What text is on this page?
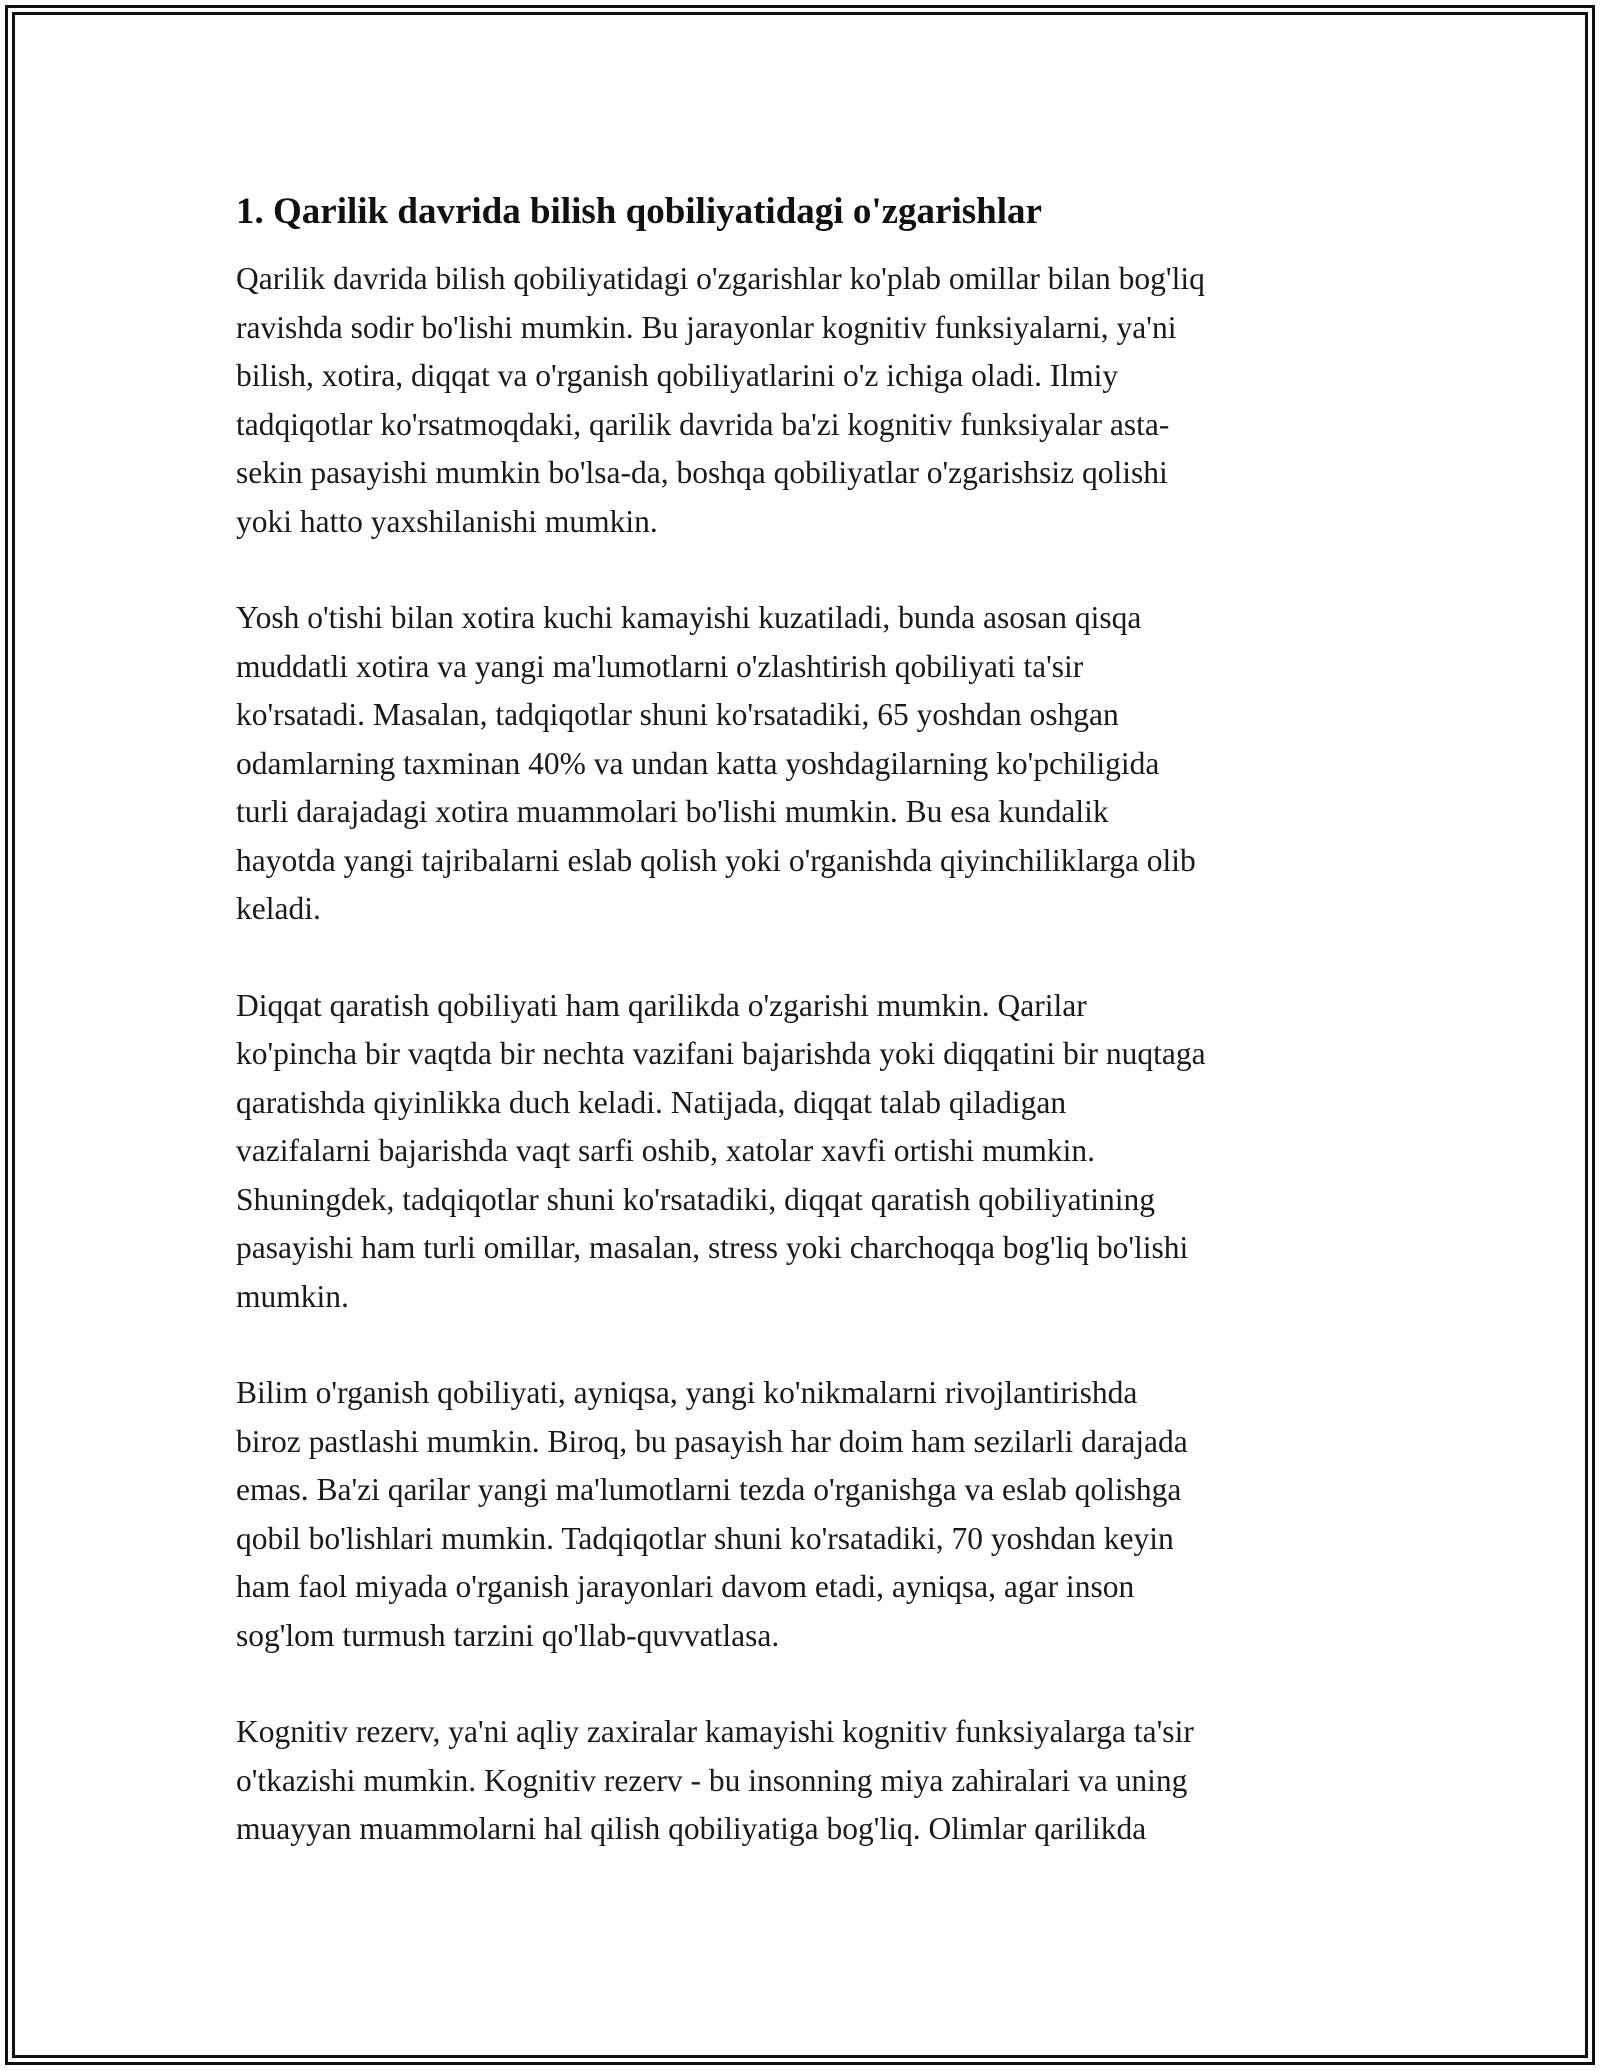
1. Qarilik davrida bilish qobiliyatidagi o'zgarishlar

Qarilik davrida bilish qobiliyatidagi o'zgarishlar ko'plab omillar bilan bog'liq
ravishda sodir bo'lishi mumkin. Bu jarayonlar kognitiv funksiyalarni, ya'ni
bilish, xotira, diqqat va o'rganish qobiliyatlarini o'z ichiga oladi. Ilmiy
tadqiqotlar ko'rsatmoqdaki, qarilik davrida ba'zi kognitiv funksiyalar asta-
sekin pasayishi mumkin bo'lsa-da, boshqa qobiliyatlar o'zgarishsiz qolishi
yoki hatto yaxshilanishi mumkin.

Yosh o'tishi bilan xotira kuchi kamayishi kuzatiladi, bunda asosan qisqa
muddatli xotira va yangi ma'lumotlarni o'zlashtirish qobiliyati ta'sir
ko'rsatadi. Masalan, tadqiqotlar shuni ko'rsatadiki, 65 yoshdan oshgan
odamlarning taxminan 40% va undan katta yoshdagilarning ko'pchiligida
turli darajadagi xotira muammolari bo'lishi mumkin. Bu esa kundalik
hayotda yangi tajribalarni eslab qolish yoki o'rganishda qiyinchiliklarga olib
keladi.

Diqqat qaratish qobiliyati ham qarilikda o'zgarishi mumkin. Qarilar
ko'pincha bir vaqtda bir nechta vazifani bajarishda yoki diqqatini bir nuqtaga
qaratishda qiyinlikka duch keladi. Natijada, diqqat talab qiladigan
vazifalarni bajarishda vaqt sarfi oshib, xatolar xavfi ortishi mumkin.
Shuningdek, tadqiqotlar shuni ko'rsatadiki, diqqat qaratish qobiliyatining
pasayishi ham turli omillar, masalan, stress yoki charchoqqa bog'liq bo'lishi
mumkin.

Bilim o'rganish qobiliyati, ayniqsa, yangi ko'nikmalarni rivojlantirishda
biroz pastlashi mumkin. Biroq, bu pasayish har doim ham sezilarli darajada
emas. Ba'zi qarilar yangi ma'lumotlarni tezda o'rganishga va eslab qolishga
qobil bo'lishlari mumkin. Tadqiqotlar shuni ko'rsatadiki, 70 yoshdan keyin
ham faol miyada o'rganish jarayonlari davom etadi, ayniqsa, agar inson
sog'lom turmush tarzini qo'llab-quvvatlasa.

Kognitiv rezerv, ya'ni aqliy zaxiralar kamayishi kognitiv funksiyalarga ta'sir
o'tkazishi mumkin. Kognitiv rezerv - bu insonning miya zahiralari va uning
muayyan muammolarni hal qilish qobiliyatiga bog'liq. Olimlar qarilikda
